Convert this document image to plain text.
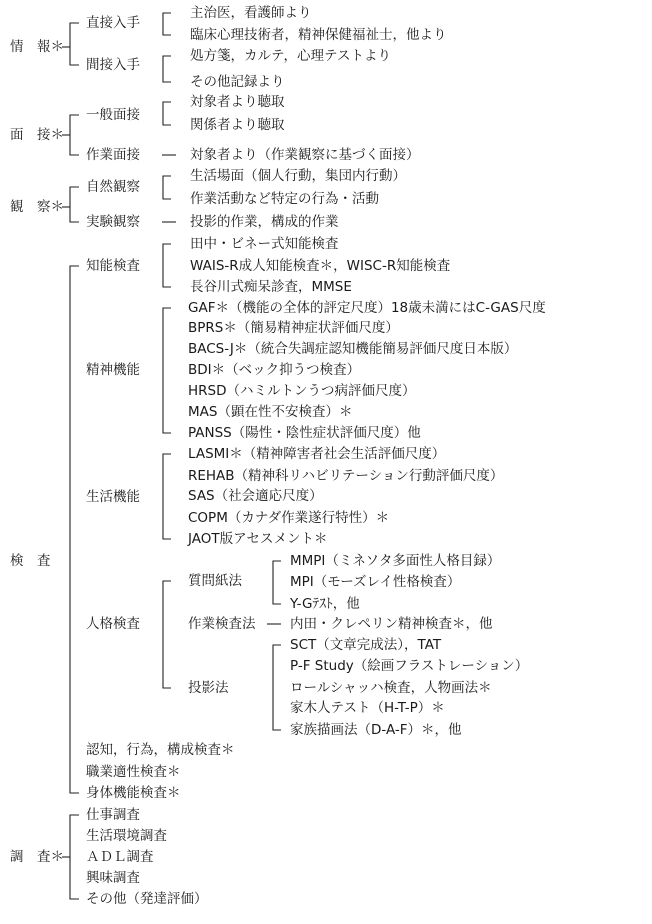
情　報＊
直接入手
主治医，看護師より
臨床心理技術者，精神保健福祉士，他より
間接入手
処方箋，カルテ，心理テストより
その他記録より
面　接＊
一般面接
対象者より聴取
関係者より聴取
作業面接	対象者より（作業観察に基づく面接）
観　察＊
自然観察
生活場面（個人行動，集団内行動）
作業活動など特定の行為・活動
実験観察	投影的作業，構成的作業
検　査
知能検査
田中・ビネー式知能検査
WAIS-R成人知能検査＊，WISC-R知能検査
長谷川式痴呆診査，MMSE
精神機能
GAF＊（機能の全体的評定尺度）18歳未満にはC-GAS尺度
BPRS＊（簡易精神症状評価尺度）
BACS-J＊（統合失調症認知機能簡易評価尺度日本版）
BDI＊（ベック抑うつ検査）
HRSD（ハミルトンうつ病評価尺度）
MAS（顕在性不安検査）＊
PANSS（陽性・陰性症状評価尺度）他
生活機能
LASMI＊（精神障害者社会生活評価尺度）
REHAB（精神科リハビリテーション行動評価尺度）
SAS（社会適応尺度）
COPM（カナダ作業遂行特性）＊
JAOT版アセスメント＊
人格検査
質問紙法
MMPI（ミネソタ多面性人格目録）
MPI（モーズレイ性格検査）
Y-Gﾃｽﾄ，他
作業検査法	内田・クレペリン精神検査＊，他
投影法
SCT（文章完成法），TAT
P-F Study（絵画フラストレーション）
ロールシャッハ検査，人物画法＊
家木人テスト（H-T-P）＊
家族描画法（D-A-F）＊，他
認知，行為，構成検査＊
職業適性検査＊
身体機能検査＊
調　査＊
仕事調査
生活環境調査
ＡＤＬ調査
興味調査
その他（発達評価）
